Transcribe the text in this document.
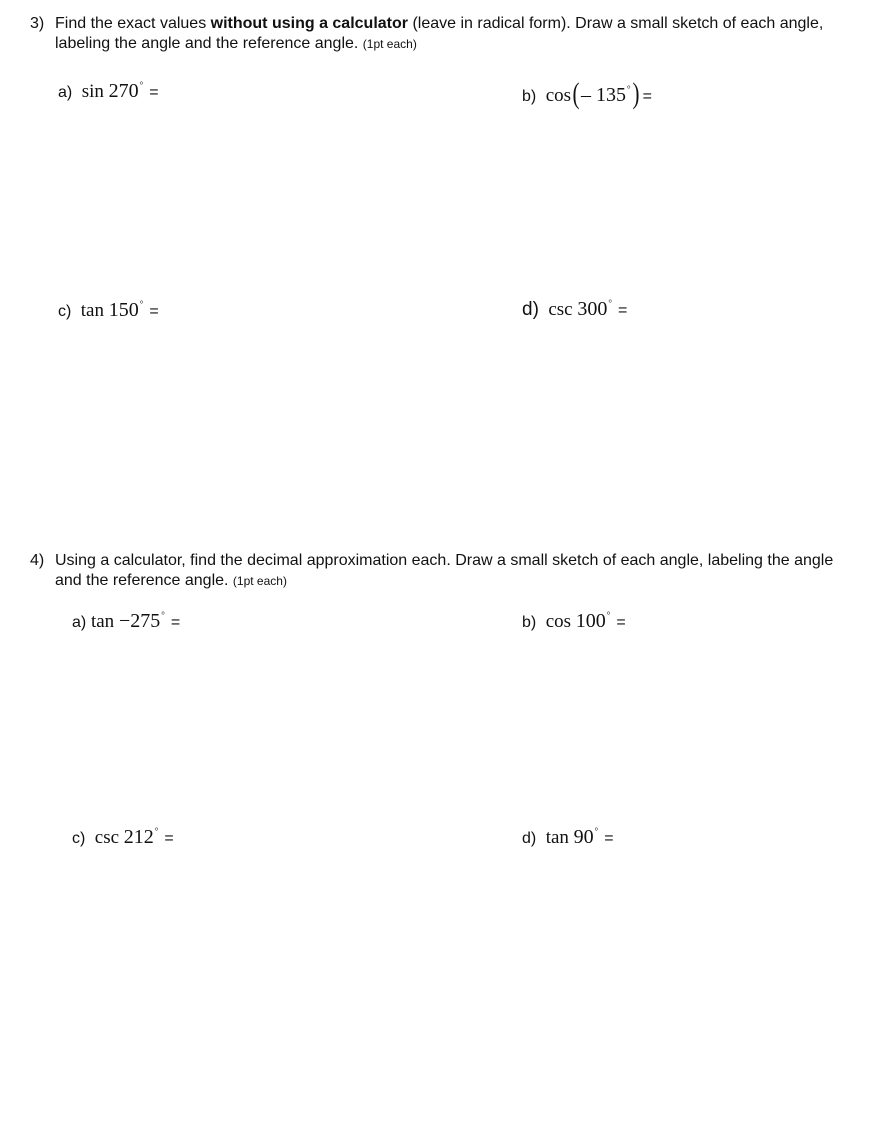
3) Find the exact values without using a calculator (leave in radical form). Draw a small sketch of each angle, labeling the angle and the reference angle. (1pt each)
a) sin 270° =	b) cos(– 135°) =
c) tan 150° =	d) csc 300° =
4) Using a calculator, find the decimal approximation each. Draw a small sketch of each angle, labeling the angle and the reference angle. (1pt each)
a) tan −275° =	b) cos 100° =
c) csc 212° =	d) tan 90° =
